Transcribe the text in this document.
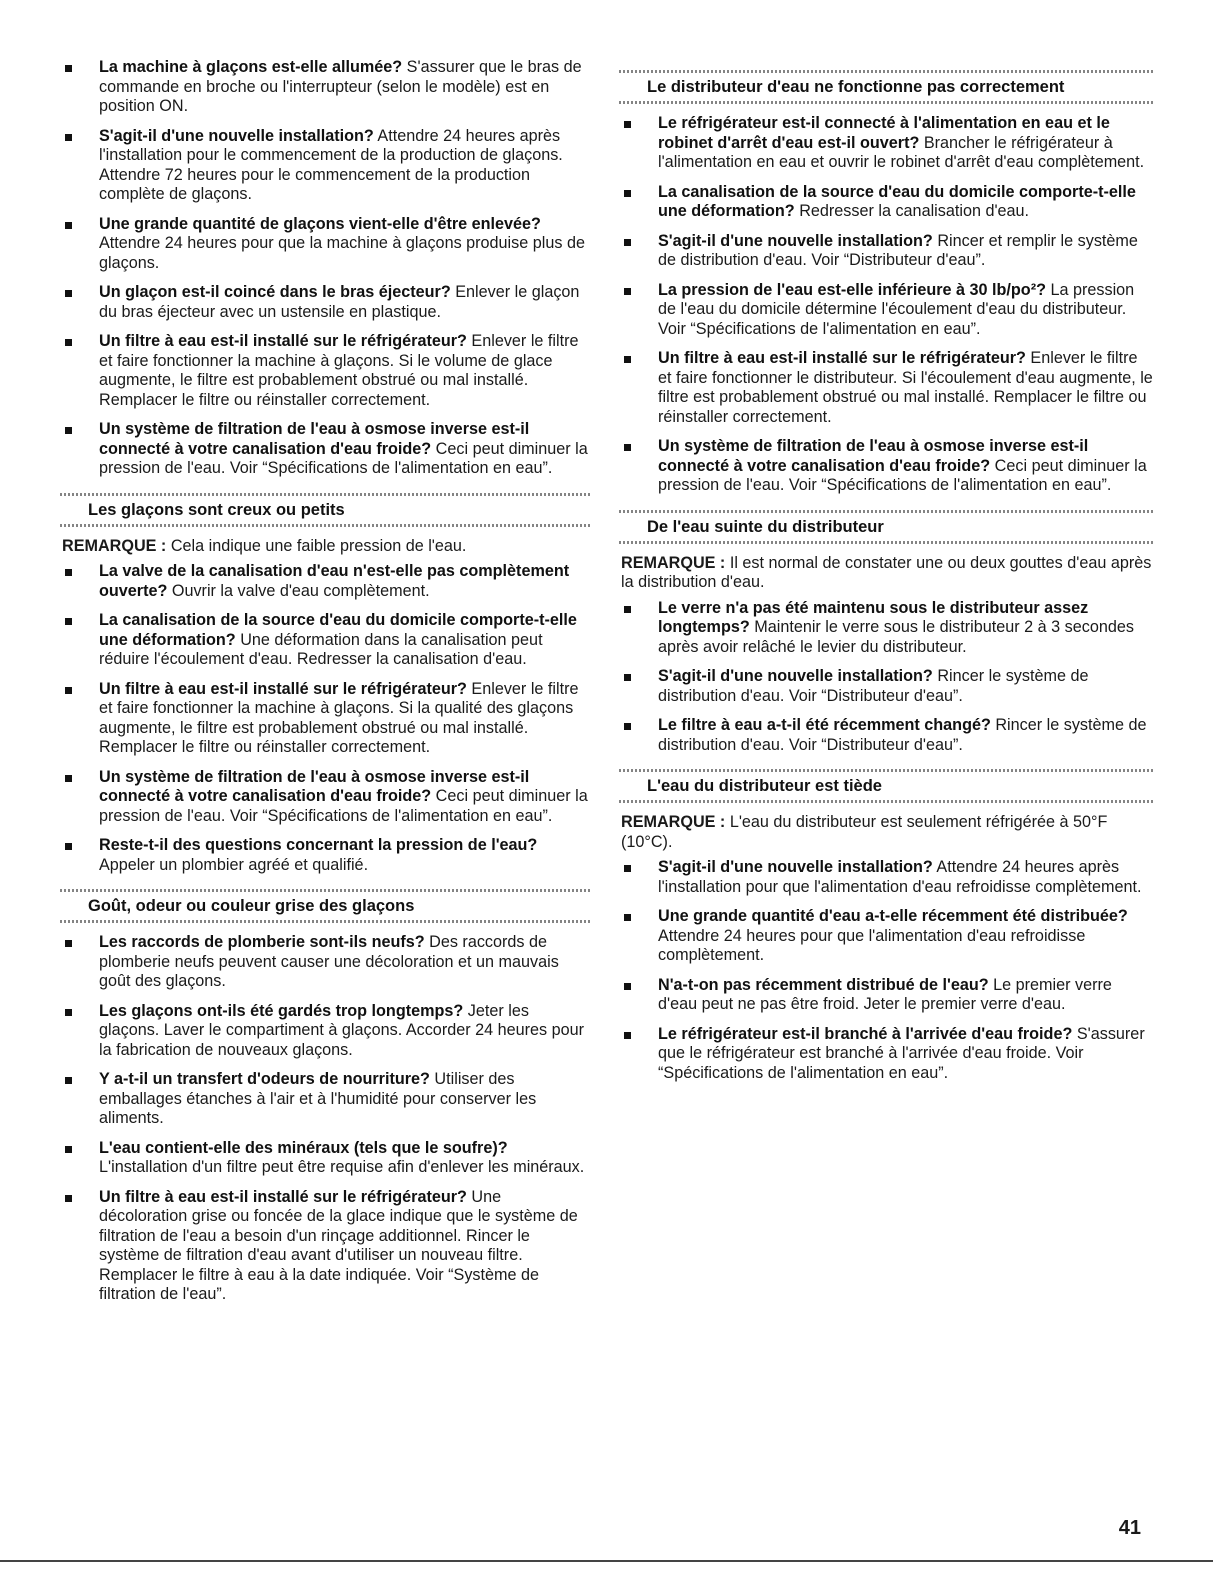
La machine à glaçons est-elle allumée? S'assurer que le bras de commande en broche ou l'interrupteur (selon le modèle) est en position ON.
S'agit-il d'une nouvelle installation? Attendre 24 heures après l'installation pour le commencement de la production de glaçons. Attendre 72 heures pour le commencement de la production complète de glaçons.
Une grande quantité de glaçons vient-elle d'être enlevée? Attendre 24 heures pour que la machine à glaçons produise plus de glaçons.
Un glaçon est-il coincé dans le bras éjecteur? Enlever le glaçon du bras éjecteur avec un ustensile en plastique.
Un filtre à eau est-il installé sur le réfrigérateur? Enlever le filtre et faire fonctionner la machine à glaçons. Si le volume de glace augmente, le filtre est probablement obstrué ou mal installé. Remplacer le filtre ou réinstaller correctement.
Un système de filtration de l'eau à osmose inverse est-il connecté à votre canalisation d'eau froide? Ceci peut diminuer la pression de l'eau. Voir “Spécifications de l'alimentation en eau”.
Les glaçons sont creux ou petits

REMARQUE : Cela indique une faible pression de l'eau.

La valve de la canalisation d'eau n'est-elle pas complètement ouverte? Ouvrir la valve d'eau complètement.
La canalisation de la source d'eau du domicile comporte-t-elle une déformation? Une déformation dans la canalisation peut réduire l'écoulement d'eau. Redresser la canalisation d'eau.
Un filtre à eau est-il installé sur le réfrigérateur? Enlever le filtre et faire fonctionner la machine à glaçons. Si la qualité des glaçons augmente, le filtre est probablement obstrué ou mal installé. Remplacer le filtre ou réinstaller correctement.
Un système de filtration de l'eau à osmose inverse est-il connecté à votre canalisation d'eau froide? Ceci peut diminuer la pression de l'eau. Voir “Spécifications de l'alimentation en eau”.
Reste-t-il des questions concernant la pression de l'eau? Appeler un plombier agréé et qualifié.
Goût, odeur ou couleur grise des glaçons
Les raccords de plomberie sont-ils neufs? Des raccords de plomberie neufs peuvent causer une décoloration et un mauvais goût des glaçons.
Les glaçons ont-ils été gardés trop longtemps? Jeter les glaçons. Laver le compartiment à glaçons. Accorder 24 heures pour la fabrication de nouveaux glaçons.
Y a-t-il un transfert d'odeurs de nourriture? Utiliser des emballages étanches à l'air et à l'humidité pour conserver les aliments.
L'eau contient-elle des minéraux (tels que le soufre)? L'installation d'un filtre peut être requise afin d'enlever les minéraux.
Un filtre à eau est-il installé sur le réfrigérateur? Une décoloration grise ou foncée de la glace indique que le système de filtration de l'eau a besoin d'un rinçage additionnel. Rincer le système de filtration d'eau avant d'utiliser un nouveau filtre. Remplacer le filtre à eau à la date indiquée. Voir “Système de filtration de l'eau”.
Le distributeur d'eau ne fonctionne pas correctement
Le réfrigérateur est-il connecté à l'alimentation en eau et le robinet d'arrêt d'eau est-il ouvert? Brancher le réfrigérateur à l'alimentation en eau et ouvrir le robinet d'arrêt d'eau complètement.
La canalisation de la source d'eau du domicile comporte-t-elle une déformation? Redresser la canalisation d'eau.
S'agit-il d'une nouvelle installation? Rincer et remplir le système de distribution d'eau. Voir “Distributeur d'eau”.
La pression de l'eau est-elle inférieure à 30 lb/po²? La pression de l'eau du domicile détermine l'écoulement d'eau du distributeur. Voir “Spécifications de l'alimentation en eau”.
Un filtre à eau est-il installé sur le réfrigérateur? Enlever le filtre et faire fonctionner le distributeur. Si l'écoulement d'eau augmente, le filtre est probablement obstrué ou mal installé. Remplacer le filtre ou réinstaller correctement.
Un système de filtration de l'eau à osmose inverse est-il connecté à votre canalisation d'eau froide? Ceci peut diminuer la pression de l'eau. Voir “Spécifications de l'alimentation en eau”.
De l'eau suinte du distributeur

REMARQUE : Il est normal de constater une ou deux gouttes d'eau après la distribution d'eau.

Le verre n'a pas été maintenu sous le distributeur assez longtemps? Maintenir le verre sous le distributeur 2 à 3 secondes après avoir relâché le levier du distributeur.
S'agit-il d'une nouvelle installation? Rincer le système de distribution d'eau. Voir “Distributeur d'eau”.
Le filtre à eau a-t-il été récemment changé? Rincer le système de distribution d'eau. Voir “Distributeur d'eau”.
L'eau du distributeur est tiède

REMARQUE : L'eau du distributeur est seulement réfrigérée à 50°F (10°C).

S'agit-il d'une nouvelle installation? Attendre 24 heures après l'installation pour que l'alimentation d'eau refroidisse complètement.
Une grande quantité d'eau a-t-elle récemment été distribuée? Attendre 24 heures pour que l'alimentation d'eau refroidisse complètement.
N'a-t-on pas récemment distribué de l'eau? Le premier verre d'eau peut ne pas être froid. Jeter le premier verre d'eau.
Le réfrigérateur est-il branché à l'arrivée d'eau froide? S'assurer que le réfrigérateur est branché à l'arrivée d'eau froide. Voir “Spécifications de l'alimentation en eau”.
41
